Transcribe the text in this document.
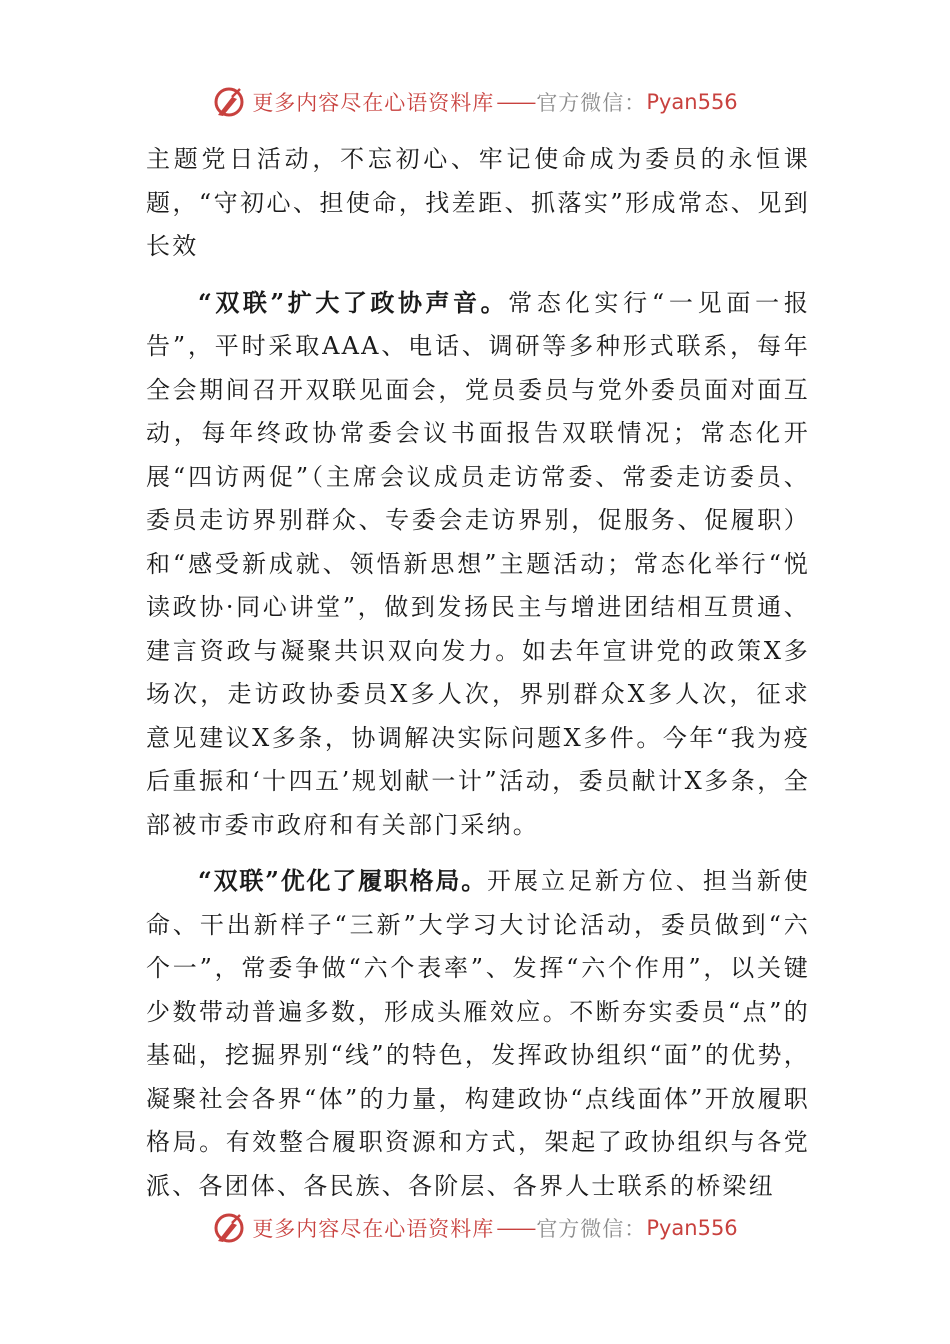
更多内容尽在心语资料库 —— 官方微信： Pyan556

主题党日活动，不忘初心、牢记使命成为委员的永恒课题，“守初心、担使命，找差距、抓落实”形成常态、见到长效

“双联”扩大了政协声音。常态化实行“一见面一报告”，平时采取AAA、电话、调研等多种形式联系，每年全会期间召开双联见面会，党员委员与党外委员面对面互动，每年终政协常委会议书面报告双联情况；常态化开展“四访两促”（主席会议成员走访常委、常委走访委员、委员走访界别群众、专委会走访界别，促服务、促履职）和“感受新成就、领悟新思想”主题活动；常态化举行“悦读政协·同心讲堂”，做到发扬民主与增进团结相互贯通、建言资政与凝聚共识双向发力。如去年宣讲党的政策X多场次，走访政协委员X多人次，界别群众X多人次，征求意见建议X多条，协调解决实际问题X多件。今年“我为疫后重振和‘十四五’规划献一计”活动，委员献计X多条，全部被市委市政府和有关部门采纳。

“双联”优化了履职格局。开展立足新方位、担当新使命、干出新样子“三新”大学习大讨论活动，委员做到“六个一”，常委争做“六个表率”、发挥“六个作用”，以关键少数带动普遍多数，形成头雁效应。不断夯实委员“点”的基础，挖掘界别“线”的特色，发挥政协组织“面”的优势，凝聚社会各界“体”的力量，构建政协“点线面体”开放履职格局。有效整合履职资源和方式，架起了政协组织与各党派、各团体、各民族、各阶层、各界人士联系的桥梁纽

更多内容尽在心语资料库 —— 官方微信： Pyan556
